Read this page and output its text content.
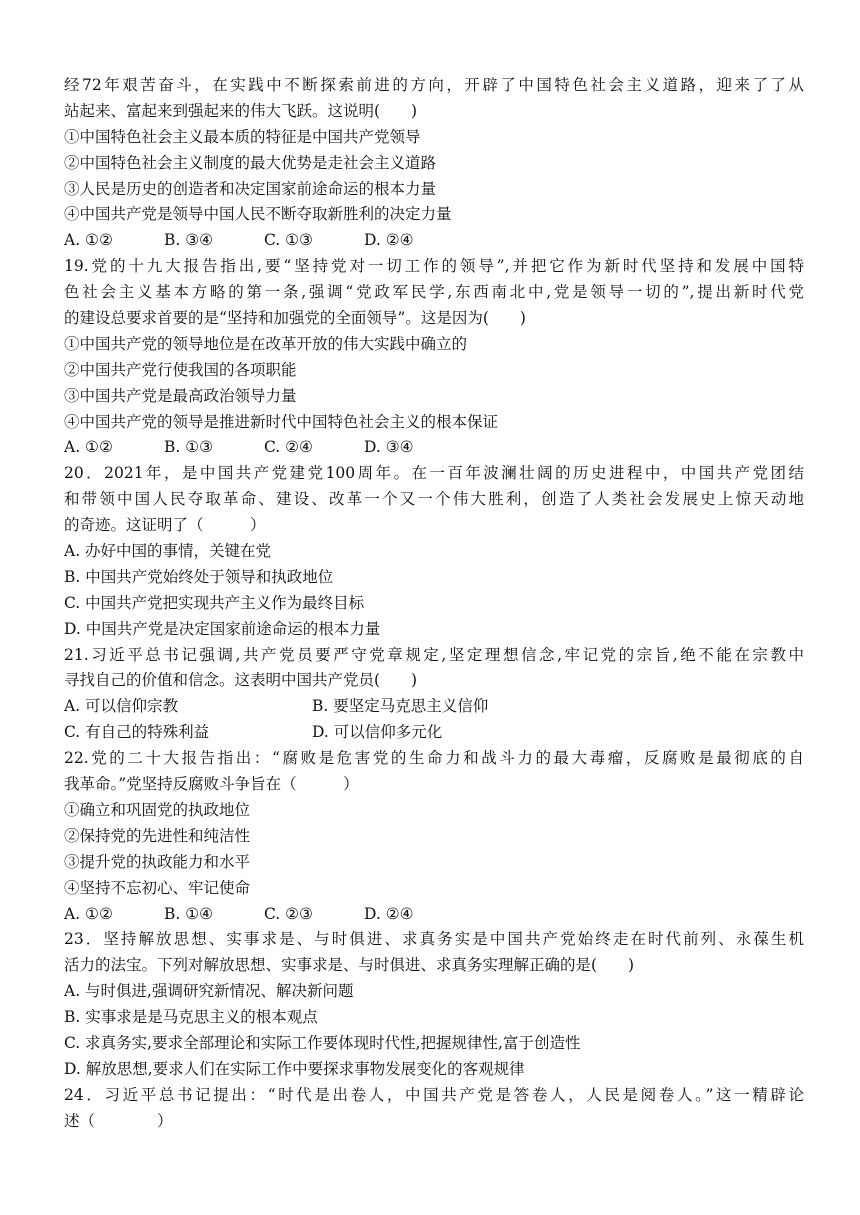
经72年艰苦奋斗，在实践中不断探索前进的方向，开辟了中国特色社会主义道路，迎来了了从
站起来、富起来到强起来的伟大飞跃。这说明(　　)
①中国特色社会主义最本质的特征是中国共产党领导
②中国特色社会主义制度的最大优势是走社会主义道路
③人民是历史的创造者和决定国家前途命运的根本力量
④中国共产党是领导中国人民不断夺取新胜利的决定力量
A. ①②	B. ③④	C. ①③	D. ②④
19.党的十九大报告指出,要“坚持党对一切工作的领导”,并把它作为新时代坚持和发展中国特
色社会主义基本方略的第一条,强调“党政军民学,东西南北中,党是领导一切的”,提出新时代党
的建设总要求首要的是“坚持和加强党的全面领导”。这是因为(　　)
①中国共产党的领导地位是在改革开放的伟大实践中确立的
②中国共产党行使我国的各项职能
③中国共产党是最高政治领导力量
④中国共产党的领导是推进新时代中国特色社会主义的根本保证
A. ①②	B. ①③	C. ②④	D. ③④
20．2021年，是中国共产党建党100周年。在一百年波澜壮阔的历史进程中，中国共产党团结
和带领中国人民夺取革命、建设、改革一个又一个伟大胜利，创造了人类社会发展史上惊天动地
的奇迹。这证明了（　　　）
A. 办好中国的事情，关键在党
B. 中国共产党始终处于领导和执政地位
C. 中国共产党把实现共产主义作为最终目标
D. 中国共产党是决定国家前途命运的根本力量
21.习近平总书记强调,共产党员要严守党章规定,坚定理想信念,牢记党的宗旨,绝不能在宗教中
寻找自己的价值和信念。这表明中国共产党员(　　)
A. 可以信仰宗教	B. 要坚定马克思主义信仰
C. 有自己的特殊利益	D. 可以信仰多元化
22.党的二十大报告指出：“腐败是危害党的生命力和战斗力的最大毒瘤，反腐败是最彻底的自
我革命。”党坚持反腐败斗争旨在（　　　）
①确立和巩固党的执政地位
②保持党的先进性和纯洁性
③提升党的执政能力和水平
④坚持不忘初心、牢记使命
A. ①②	B. ①④	C. ②③	D. ②④
23．坚持解放思想、实事求是、与时俱进、求真务实是中国共产党始终走在时代前列、永葆生机
活力的法宝。下列对解放思想、实事求是、与时俱进、求真务实理解正确的是(　　)
A. 与时俱进,强调研究新情况、解决新问题
B. 实事求是是马克思主义的根本观点
C. 求真务实,要求全部理论和实际工作要体现时代性,把握规律性,富于创造性
D. 解放思想,要求人们在实际工作中要探求事物发展变化的客观规律
24．习近平总书记提出：“时代是出卷人，中国共产党是答卷人，人民是阅卷人。”这一精辟论
述（　　　　）
